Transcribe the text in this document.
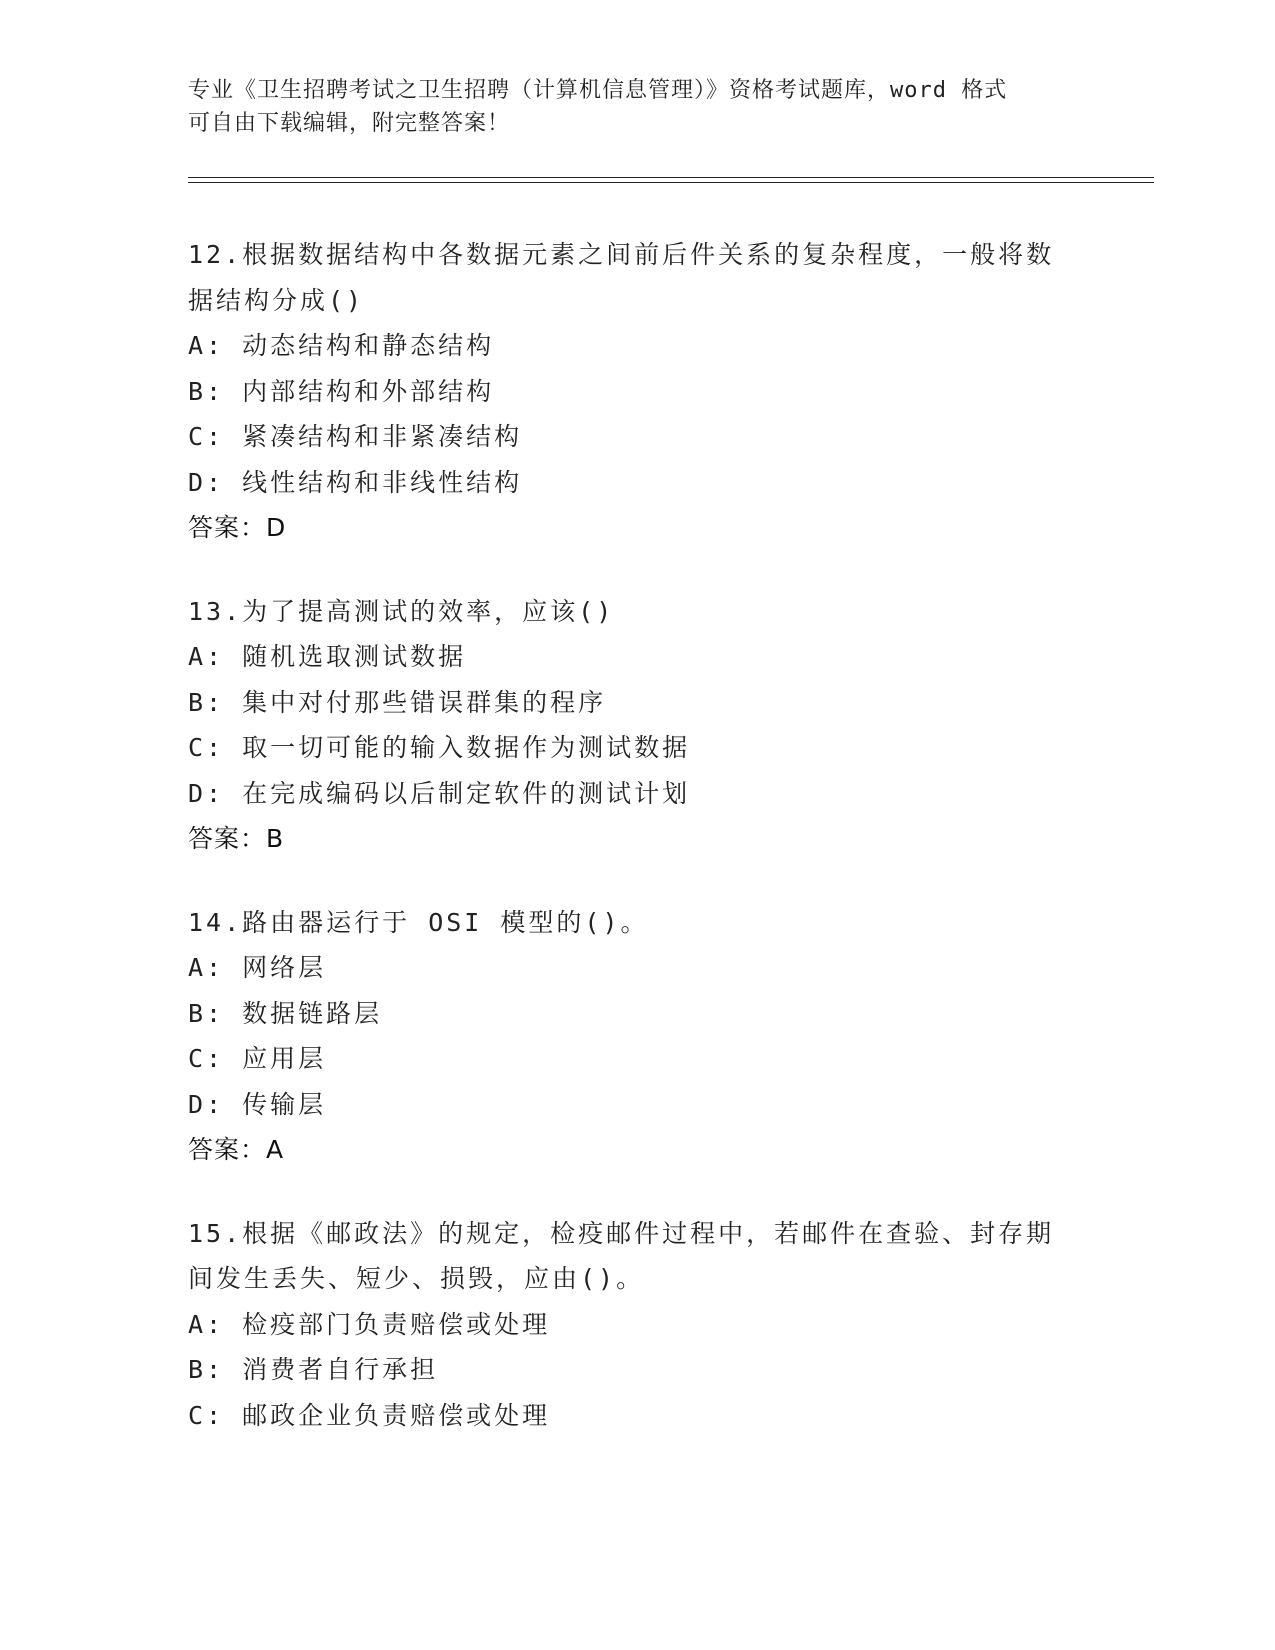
专业《卫生招聘考试之卫生招聘（计算机信息管理）》资格考试题库，word 格式
可自由下载编辑，附完整答案！
12.根据数据结构中各数据元素之间前后件关系的复杂程度，一般将数
据结构分成()
A: 动态结构和静态结构
B: 内部结构和外部结构
C: 紧凑结构和非紧凑结构
D: 线性结构和非线性结构
答案：D
13.为了提高测试的效率，应该()
A: 随机选取测试数据
B: 集中对付那些错误群集的程序
C: 取一切可能的输入数据作为测试数据
D: 在完成编码以后制定软件的测试计划
答案：B
14.路由器运行于 OSI 模型的()。
A: 网络层
B: 数据链路层
C: 应用层
D: 传输层
答案：A
15.根据《邮政法》的规定，检疫邮件过程中，若邮件在查验、封存期
间发生丢失、短少、损毁，应由()。
A: 检疫部门负责赔偿或处理
B: 消费者自行承担
C: 邮政企业负责赔偿或处理
